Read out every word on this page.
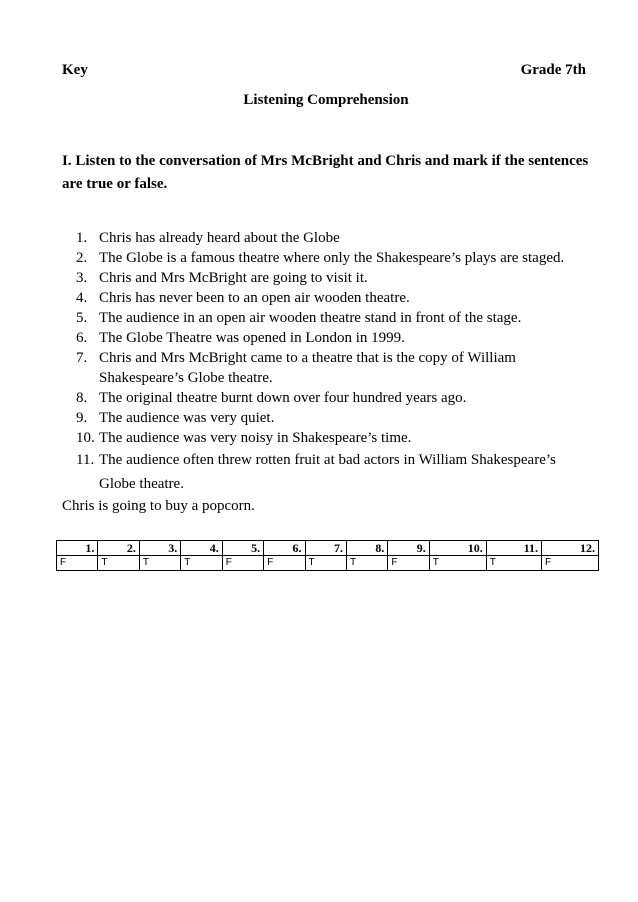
Key	Grade 7th
Listening Comprehension
I. Listen to the conversation of Mrs McBright and Chris and mark if the sentences are true or false.
1. Chris has already heard about the Globe
2. The Globe is a famous theatre where only the Shakespeare’s plays are staged.
3. Chris and Mrs McBright are going to visit it.
4. Chris has never been to an open air wooden theatre.
5. The audience in an open air wooden theatre stand in front of the stage.
6. The Globe Theatre was opened in London in 1999.
7. Chris and Mrs McBright came to a theatre that is the copy of William Shakespeare’s Globe theatre.
8. The original theatre burnt down over four hundred years ago.
9. The audience was very quiet.
10. The audience was very noisy in Shakespeare’s time.
11. The audience often threw rotten fruit at bad actors in William Shakespeare’s Globe theatre.
Chris is going to buy a popcorn.
1.	2.	3.	4.	5.	6.	7.	8.	9.	10.	11.	12.
F	T	T	T	F	F	T	T	F	T	T	F
